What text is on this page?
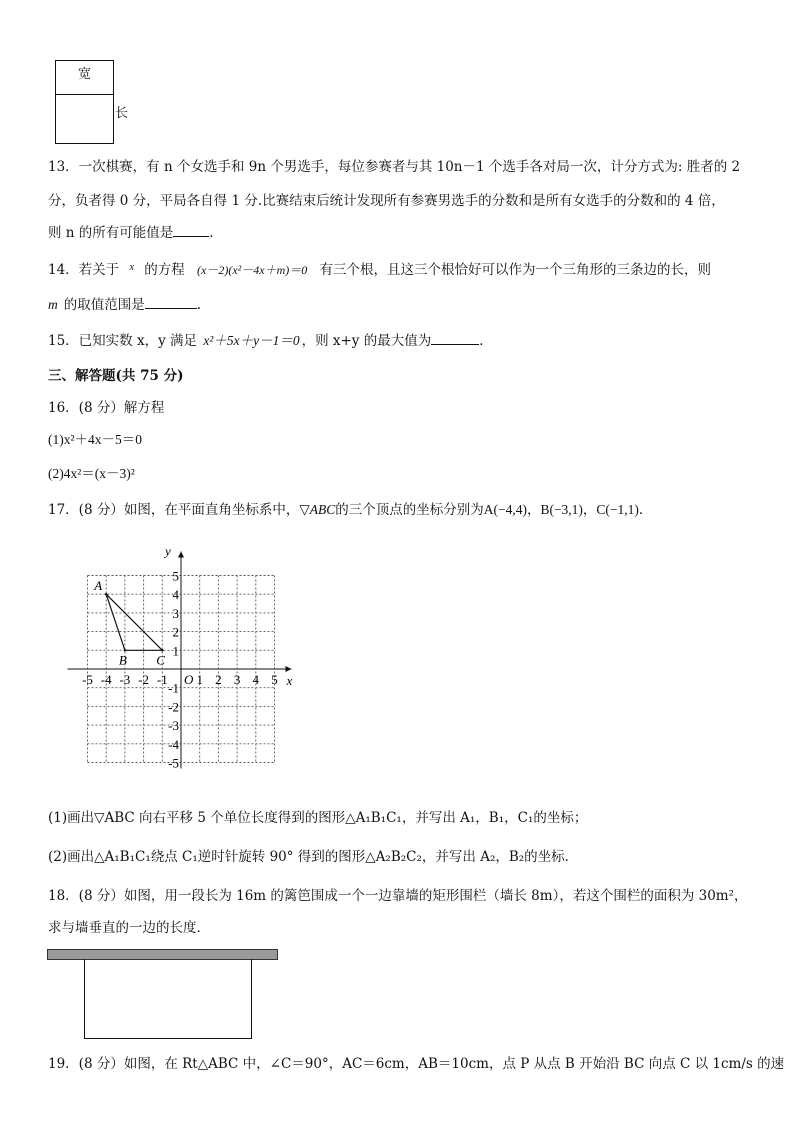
宽
长
13．一次棋赛，有 n 个女选手和 9n 个男选手，每位参赛者与其 10n－1 个选手各对局一次，计分方式为: 胜者的 2
分，负者得 0 分，平局各自得 1 分.比赛结束后统计发现所有参赛男选手的分数和是所有女选手的分数和的 4 倍，
则 n 的所有可能值是	.
14．若关于 $^x$ 的方程 (x－2)(x²－4x＋m)＝0 有三个根，且这三个根恰好可以作为一个三角形的三条边的长，则
m 的取值范围是	.
15．已知实数 x，y 满足 x²＋5x＋y－1＝0 ，则 x+y 的最大值为	．
三、解答题(共 75 分)
16．(8 分）解方程
(1)x²＋4x－5＝0
(2)4x²＝(x－3)²
17．(8 分）如图，在平面直角坐标系中，▽ABC的三个顶点的坐标分别为A(−4,4)，B(−3,1)，C(−1,1)．
x
y
O
-5 -4 -3 -2 -1 1 2 3 4 5
5
4
3
2
1
-1
-2
-3
-4
-5
A
B C
(1)画出▽ABC 向右平移 5 个单位长度得到的图形△A₁B₁C₁，并写出 A₁，B₁，C₁的坐标；
(2)画出△A₁B₁C₁绕点 C₁逆时针旋转 90° 得到的图形△A₂B₂C₂，并写出 A₂，B₂的坐标．
18．(8 分）如图，用一段长为 16m 的篱笆围成一个一边靠墙的矩形围栏（墙长 8m），若这个围栏的面积为 30m²，
求与墙垂直的一边的长度．
19．(8 分）如图，在 Rt△ABC 中，∠C＝90°，AC＝6cm，AB＝10cm，点 P 从点 B 开始沿 BC 向点 C 以 1cm/s 的速
